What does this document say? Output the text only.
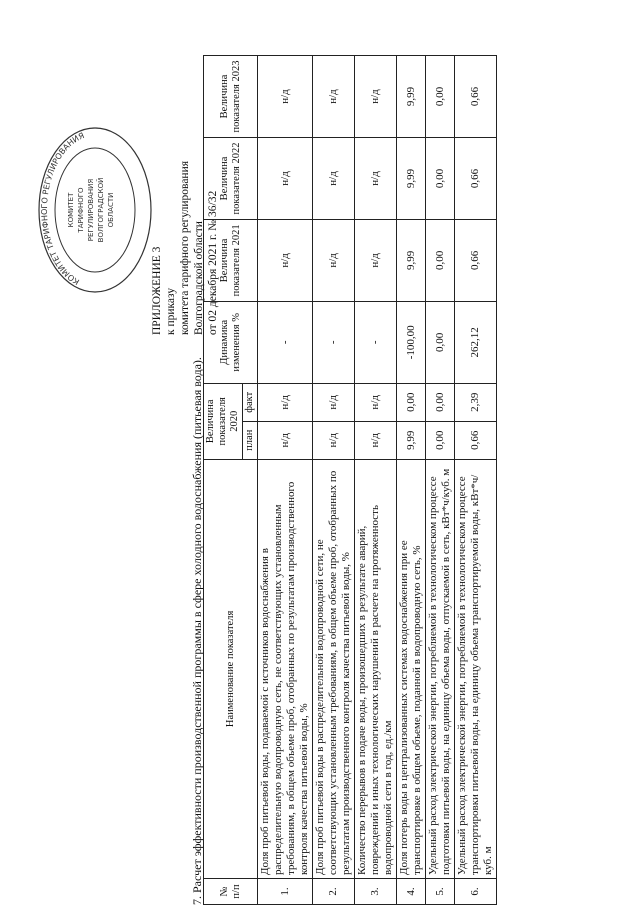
КОМИТЕТ ТАРИФНОГО РЕГУЛИРОВАНИЯ
КОМИТЕТ ТАРИФНОГО РЕГУЛИРОВАНИЯ ВОЛГОГРАДСКОЙ ОБЛАСТИ
ПРИЛОЖЕНИЕ 3 к приказу комитета тарифного регулирования Волгоградской области от 02 декабря 2021 г. № 36/32
7. Расчет эффективности производственной программы в сфере холодного водоснабжения (питьевая вода). № п/п	Наименование показателя	Величина показателя 2020		Динамика изменения %	Величина показателя 2021	Величина показателя 2022	Величина показателя 2023
		план	факт				
1.	Доля проб питьевой воды, подаваемой с источников водоснабжения в распределительную водопроводную сеть, не соответствующих установленным требованиям, в общем объеме проб, отобранных по результатам производственного контроля качества питьевой воды, %	н/д	н/д	-	н/д	н/д	н/д
2.	Доля проб питьевой воды в распределительной водопроводной сети, не соответствующих установленным требованиям, в общем объеме проб, отобранных по результатам производственного контроля качества питьевой воды, %	н/д	н/д	-	н/д	н/д	н/д
3.	Количество перерывов в подаче воды, произошедших в результате аварий, повреждений и иных технологических нарушений в расчете на протяженность водопроводной сети в год, ед./км	н/д	н/д	-	н/д	н/д	н/д
4.	Доля потерь воды в централизованных системах водоснабжения при ее транспортировке в общем объеме, поданной в водопроводную сеть, %	9,99	0,00	-100,00	9,99	9,99	9,99
5.	Удельный расход электрической энергии, потребляемой в технологическом процессе подготовки питьевой воды, на единицу объема воды, отпускаемой в сеть, кВт*ч/куб. м	0,00	0,00	0,00	0,00	0,00	0,00
6.	Удельный расход электрической энергии, потребляемой в технологическом процессе транспортировки питьевой воды, на единицу объема транспортируемой воды, кВт*ч/куб. м	0,66	2,39	262,12	0,66	0,66	0,66
